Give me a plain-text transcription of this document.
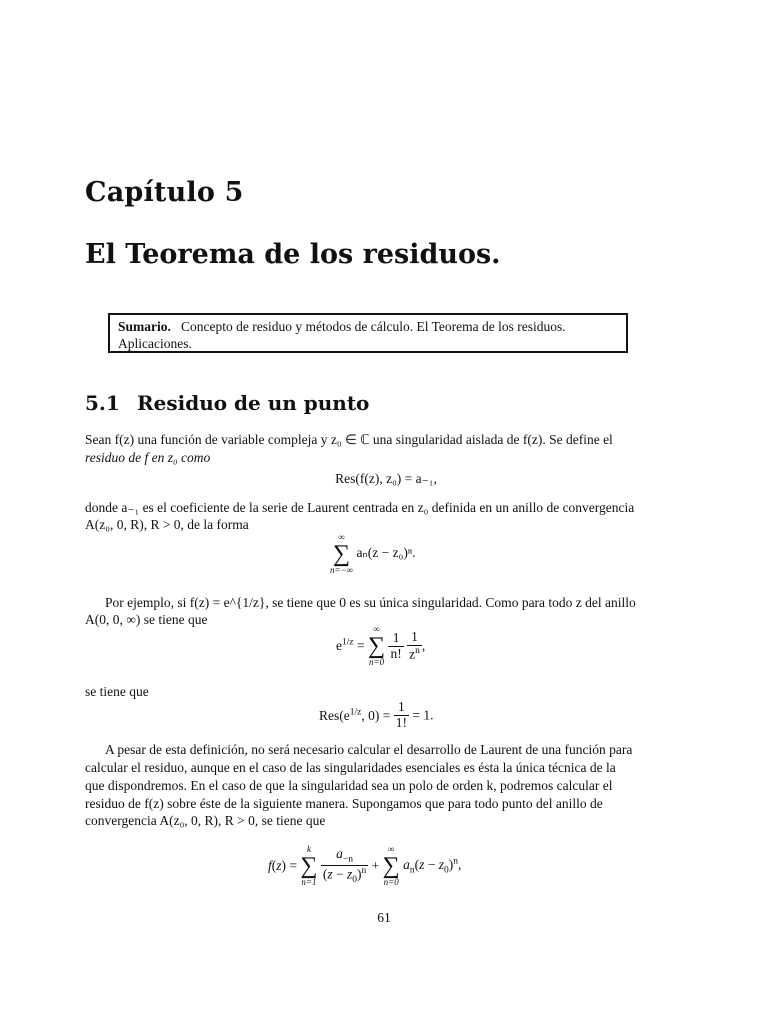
Capítulo 5
El Teorema de los residuos.
Sumario. Concepto de residuo y métodos de cálculo. El Teorema de los residuos. Aplicaciones.
5.1 Residuo de un punto
Sean f(z) una función de variable compleja y z₀ ∈ ℂ una singularidad aislada de f(z). Se define el
residuo de f en z₀ como
Res(f(z), z₀) = a₋₁,
donde a₋₁ es el coeficiente de la serie de Laurent centrada en z₀ definida en un anillo de convergencia
A(z₀, 0, R), R > 0, de la forma
∞
∑
n=−∞
aₙ(z − z₀)ⁿ.
Por ejemplo, si f(z) = e^{1/z}, se tiene que 0 es su única singularidad. Como para todo z del anillo
A(0, 0, ∞) se tiene que
$e^{1/z}$ =
∞
∑
n=0

$\frac{1}{n!}$
$\frac{1}{z^n}$ ,
se tiene que
$Res(e^{1/z}$, $0) = \frac{1}{1!} = 1$.
A pesar de esta definición, no será necesario calcular el desarrollo de Laurent de una función para
calcular el residuo, aunque en el caso de las singularidades esenciales es ésta la única técnica de la
que dispondremos. En el caso de que la singularidad sea un polo de orden k, podremos calcular el
residuo de f(z) sobre éste de la siguiente manera. Supongamos que para todo punto del anillo de
convergencia A(z₀, 0, R), R > 0, se tiene que
f(z) =
k
∑
n=1
$\frac{a_{-n}}{(z - z_0)^n}$ +
∞
∑
n=0
$a_n(z - z_0)^n$,
61
